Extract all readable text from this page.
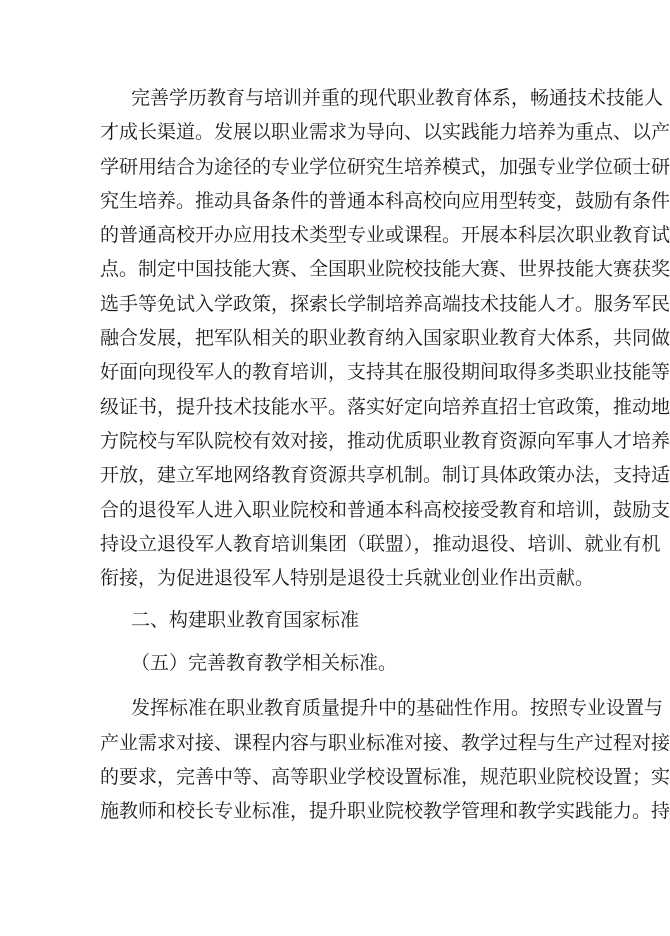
完善学历教育与培训并重的现代职业教育体系，畅通技术技能人
才成长渠道。发展以职业需求为导向、以实践能力培养为重点、以产
学研用结合为途径的专业学位研究生培养模式，加强专业学位硕士研
究生培养。推动具备条件的普通本科高校向应用型转变，鼓励有条件
的普通高校开办应用技术类型专业或课程。开展本科层次职业教育试
点。制定中国技能大赛、全国职业院校技能大赛、世界技能大赛获奖
选手等免试入学政策，探索长学制培养高端技术技能人才。服务军民
融合发展，把军队相关的职业教育纳入国家职业教育大体系，共同做
好面向现役军人的教育培训，支持其在服役期间取得多类职业技能等
级证书，提升技术技能水平。落实好定向培养直招士官政策，推动地
方院校与军队院校有效对接，推动优质职业教育资源向军事人才培养
开放，建立军地网络教育资源共享机制。制订具体政策办法，支持适
合的退役军人进入职业院校和普通本科高校接受教育和培训，鼓励支
持设立退役军人教育培训集团（联盟），推动退役、培训、就业有机
衔接，为促进退役军人特别是退役士兵就业创业作出贡献。
二、构建职业教育国家标准
（五）完善教育教学相关标准。
发挥标准在职业教育质量提升中的基础性作用。按照专业设置与
产业需求对接、课程内容与职业标准对接、教学过程与生产过程对接
的要求，完善中等、高等职业学校设置标准，规范职业院校设置；实
施教师和校长专业标准，提升职业院校教学管理和教学实践能力。持
